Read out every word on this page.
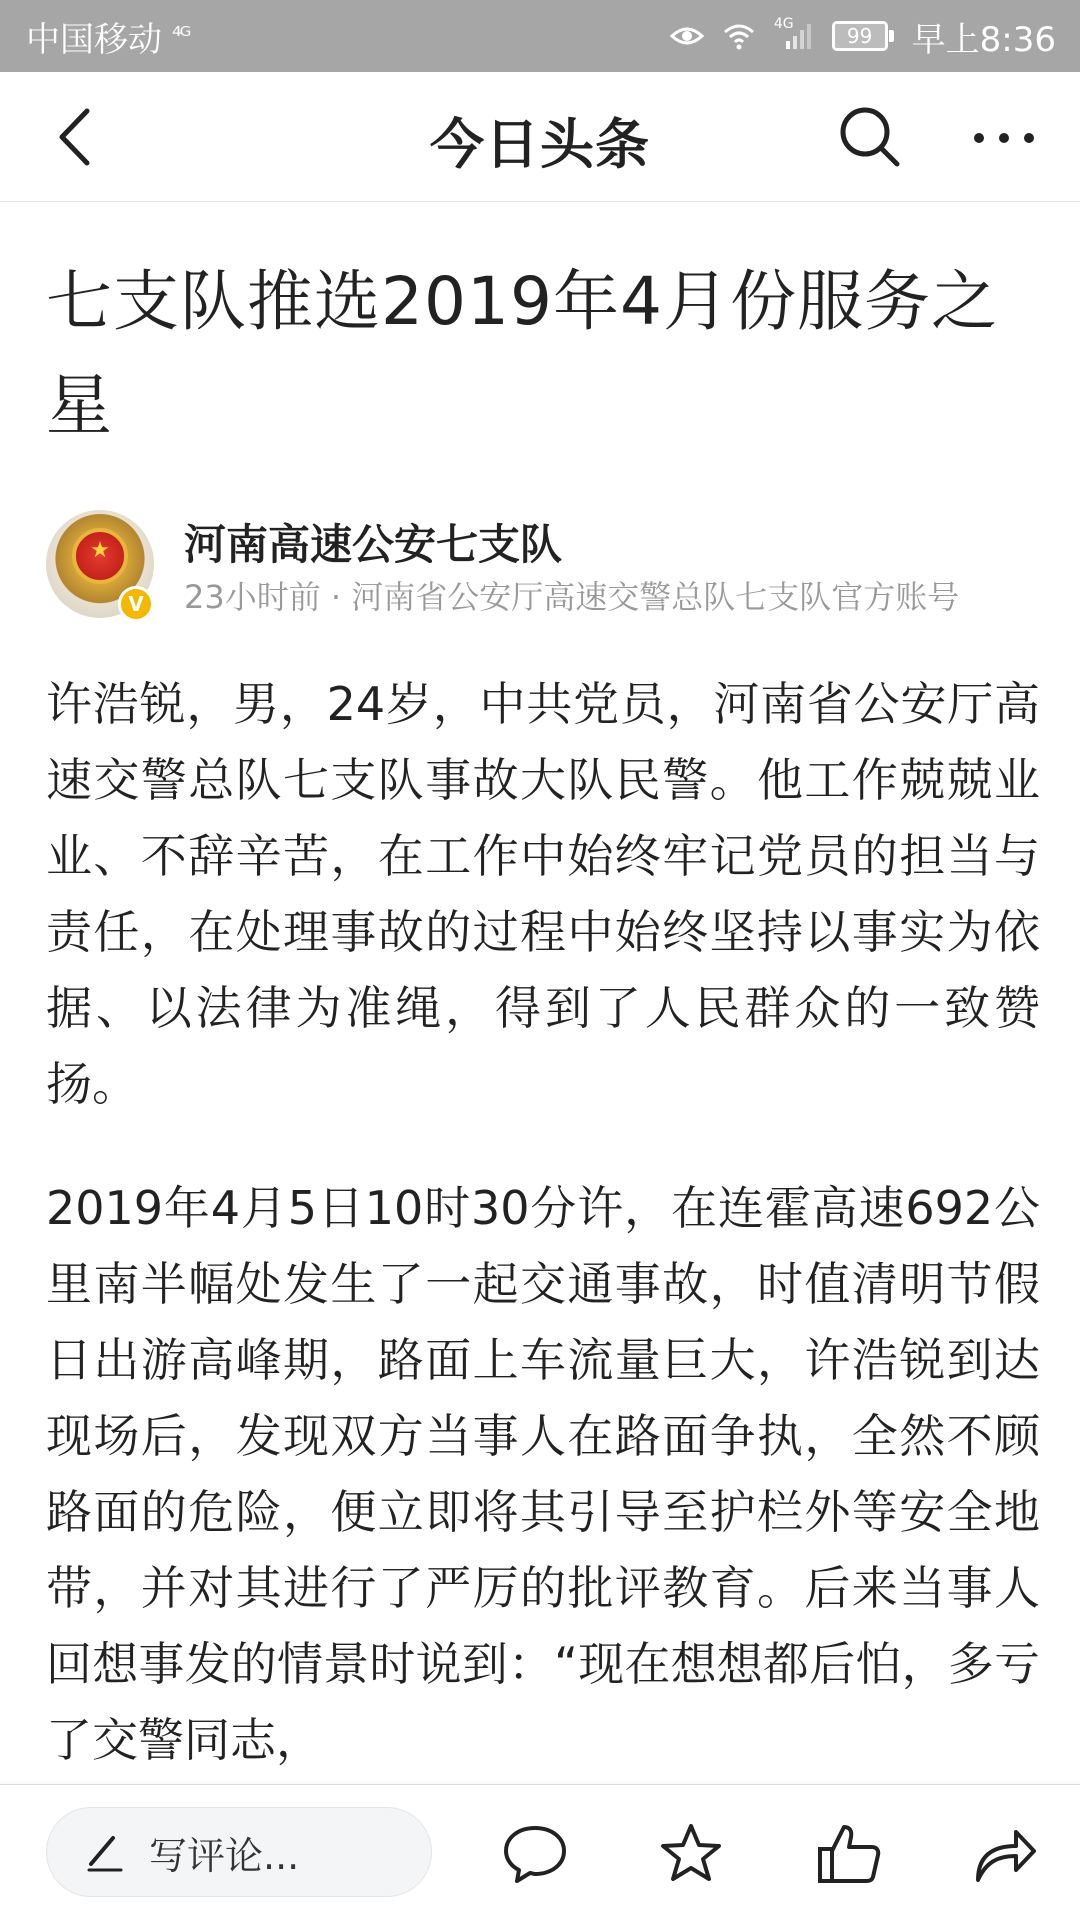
中国移动 ⁴ᴳ	4G	99 早上8:36
今日头条
七支队推选2019年4月份服务之星
★
V
河南高速公安七支队
23小时前 · 河南省公安厅高速交警总队七支队官方账号

许浩锐，男，24岁，中共党员，河南省公安厅高速交警总队七支队事故大队民警。他工作兢兢业业、不辞辛苦，在工作中始终牢记党员的担当与责任，在处理事故的过程中始终坚持以事实为依据、以法律为准绳，得到了人民群众的一致赞扬。

2019年4月5日10时30分许，在连霍高速692公里南半幅处发生了一起交通事故，时值清明节假日出游高峰期，路面上车流量巨大，许浩锐到达现场后，发现双方当事人在路面争执，全然不顾路面的危险，便立即将其引导至护栏外等安全地带，并对其进行了严厉的批评教育。后来当事人回想事发的情景时说到：“现在想想都后怕，多亏了交警同志，

写评论...
